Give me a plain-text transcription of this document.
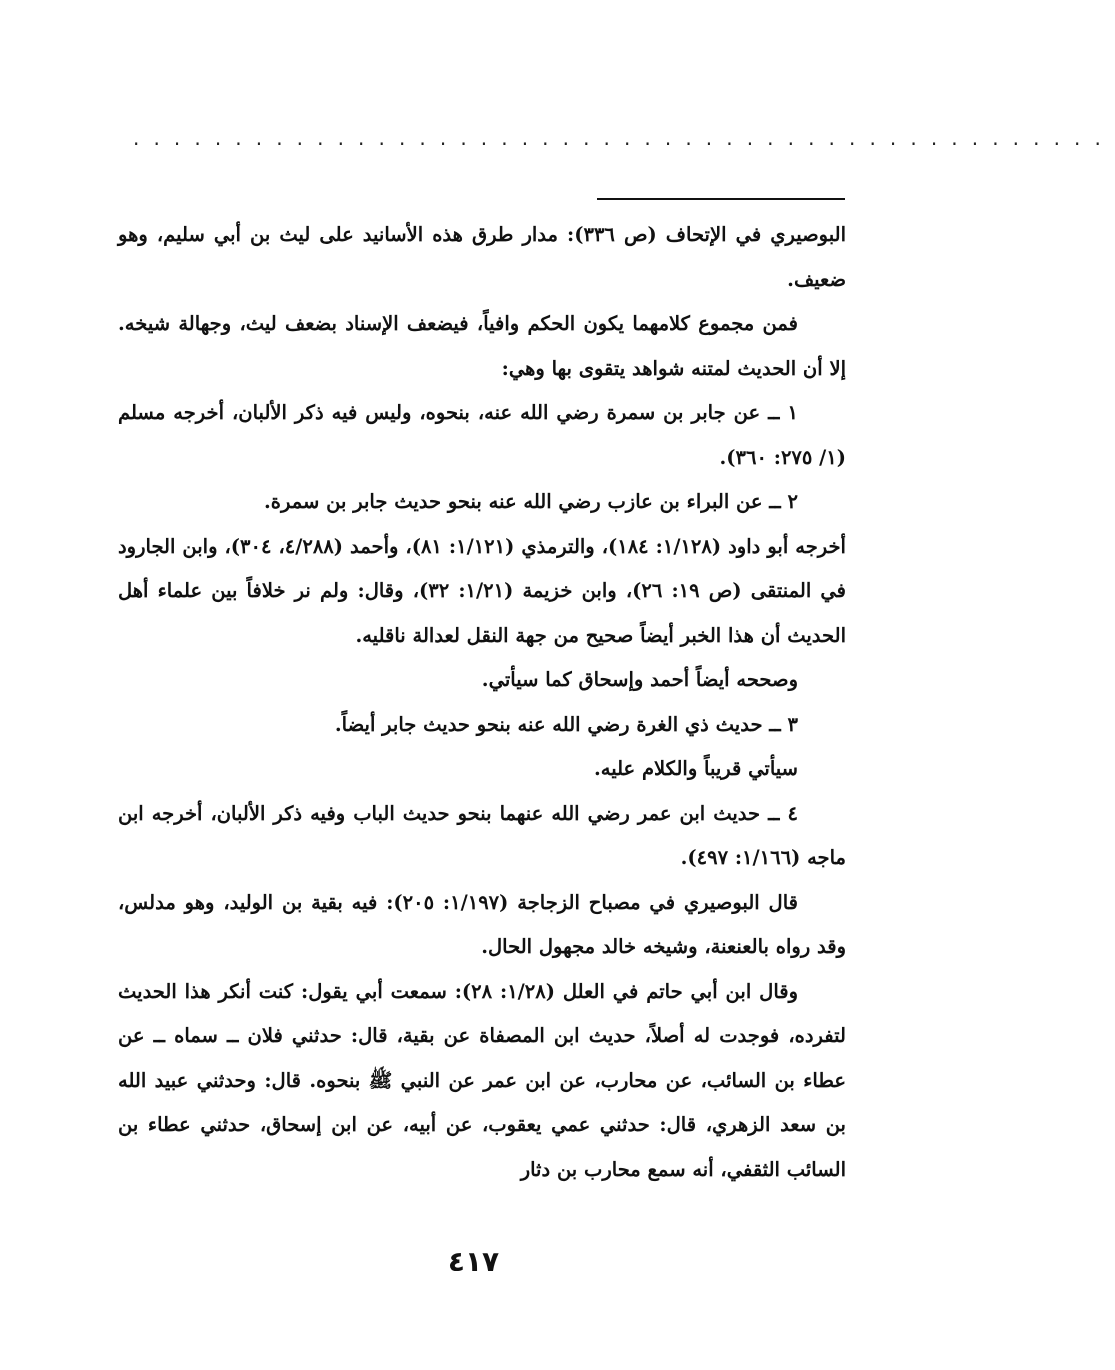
................................................

البوصيري في الإتحاف (ص ٣٣٦): مدار طرق هذه الأسانيد على ليث بن أبي سليم، وهو ضعيف.

فمن مجموع كلامهما يكون الحكم وافياً، فيضعف الإسناد بضعف ليث، وجهالة شيخه. إلا أن الحديث لمتنه شواهد يتقوى بها وهي:

١ ــ عن جابر بن سمرة رضي الله عنه، بنحوه، وليس فيه ذكر الألبان، أخرجه مسلم (١/ ٢٧٥: ٣٦٠).

٢ ــ عن البراء بن عازب رضي الله عنه بنحو حديث جابر بن سمرة.

أخرجه أبو داود (١/١٢٨: ١٨٤)، والترمذي (١/١٢١: ٨١)، وأحمد (٤/٢٨٨، ٣٠٤)، وابن الجارود في المنتقى (ص ١٩: ٢٦)، وابن خزيمة (١/٢١: ٣٢)، وقال: ولم نر خلافاً بين علماء أهل الحديث أن هذا الخبر أيضاً صحيح من جهة النقل لعدالة ناقليه.

وصححه أيضاً أحمد وإسحاق كما سيأتي.

٣ ــ حديث ذي الغرة رضي الله عنه بنحو حديث جابر أيضاً.

سيأتي قريباً والكلام عليه.

٤ ــ حديث ابن عمر رضي الله عنهما بنحو حديث الباب وفيه ذكر الألبان، أخرجه ابن ماجه (١/١٦٦: ٤٩٧).

قال البوصيري في مصباح الزجاجة (١/١٩٧: ٢٠٥): فيه بقية بن الوليد، وهو مدلس، وقد رواه بالعنعنة، وشيخه خالد مجهول الحال.

وقال ابن أبي حاتم في العلل (١/٢٨: ٢٨): سمعت أبي يقول: كنت أنكر هذا الحديث لتفرده، فوجدت له أصلاً، حديث ابن المصفاة عن بقية، قال: حدثني فلان ــ سماه ــ عن عطاء بن السائب، عن محارب، عن ابن عمر عن النبي ﷺ بنحوه. قال: وحدثني عبيد الله بن سعد الزهري، قال: حدثني عمي يعقوب، عن أبيه، عن ابن إسحاق، حدثني عطاء بن السائب الثقفي، أنه سمع محارب بن دثار

٤١٧
